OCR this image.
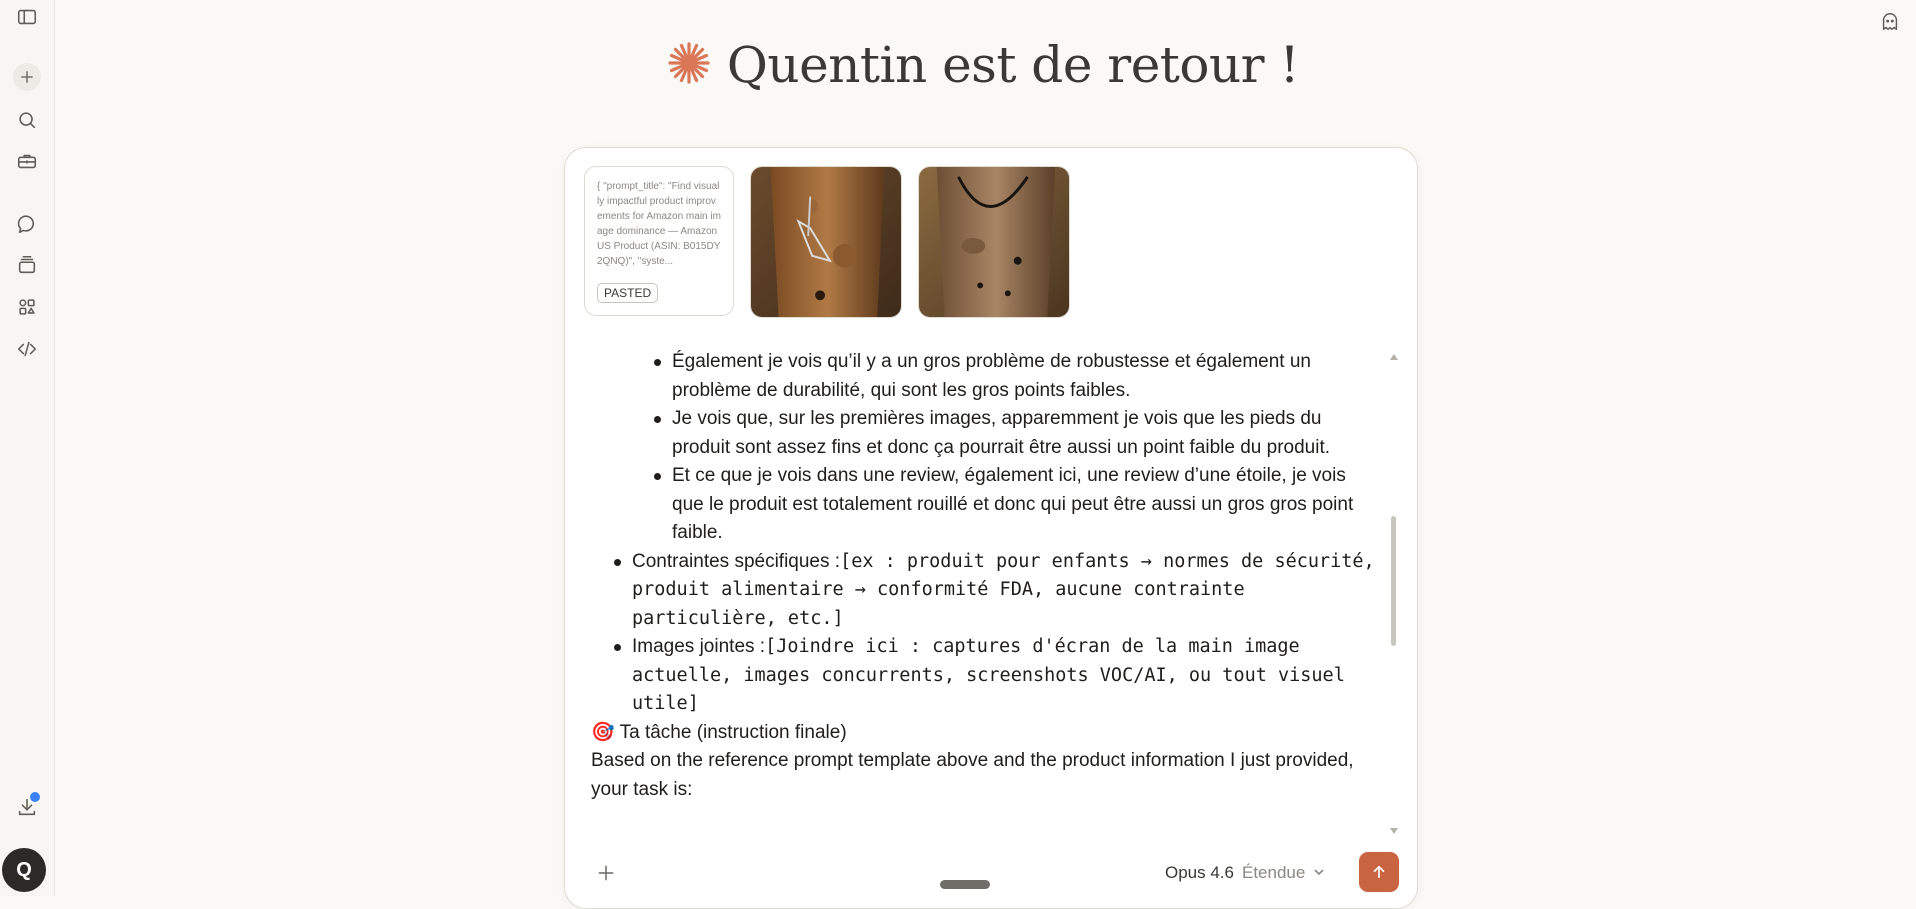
Q
Quentin est de retour !
{ "prompt_title": "Find visually impactful product improvements for Amazon main image dominance — Amazon US Product (ASIN: B015DY2QNQ)", "syste...
PASTED
Également je vois qu’il y a un gros problème de robustesse et également un problème de durabilité, qui sont les gros points faibles.
Je vois que, sur les premières images, apparemment je vois que les pieds du produit sont assez fins et donc ça pourrait être aussi un point faible du produit.
Et ce que je vois dans une review, également ici, une review d’une étoile, je vois que le produit est totalement rouillé et donc qui peut être aussi un gros gros point faible.
Contraintes spécifiques :[ex : produit pour enfants → normes de sécurité, produit alimentaire → conformité FDA, aucune contrainte particulière, etc.]
Images jointes :[Joindre ici : captures d'écran de la main image actuelle, images concurrents, screenshots VOC/AI, ou tout visuel utile]
🎯 Ta tâche (instruction finale)
Based on the reference prompt template above and the product information I just provided, your task is:
Opus 4.6 Étendue
